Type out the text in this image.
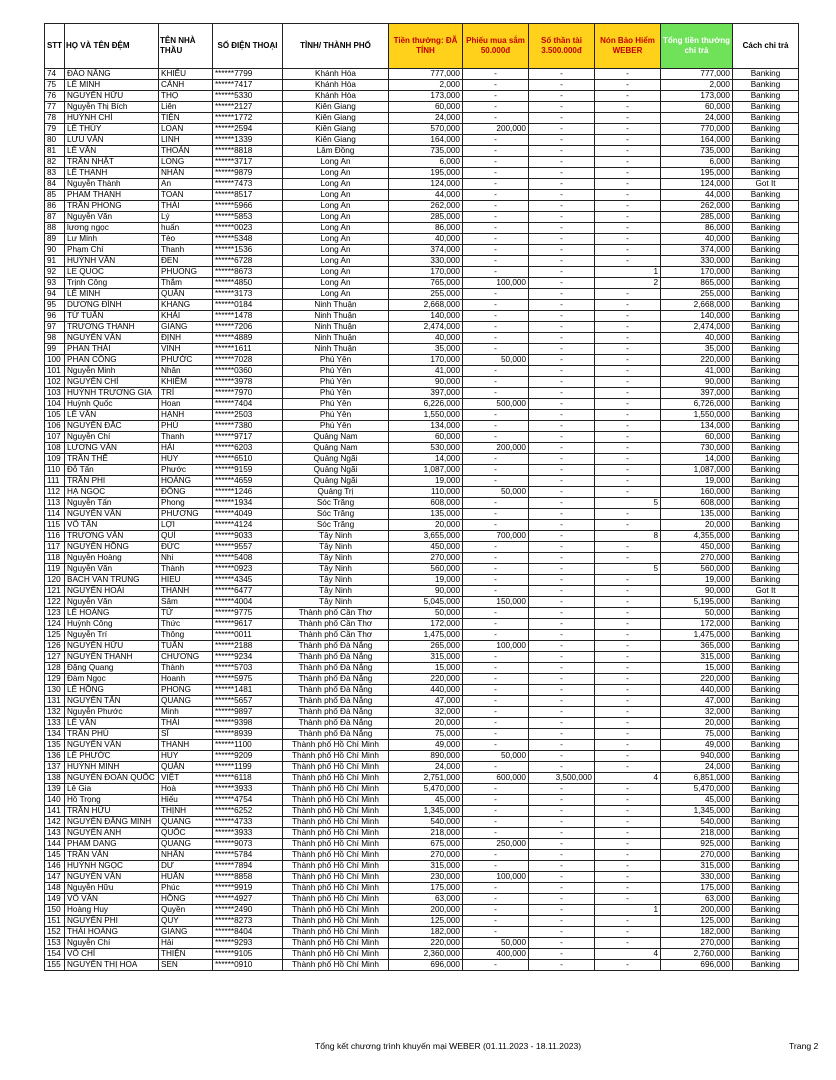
STT	HỌ VÀ TÊN ĐỆM	TÊN NHÀ THẦU	SỐ ĐIỆN THOẠI	TỈNH/ THÀNH PHỐ	Tiền thưởng: ĐÃ TÍNH	Phiếu mua sắm 50.000đ	Số thần tài 3.500.000đ	Nón Bảo Hiểm WEBER	Tổng tiền thưởng chi trả	Cách chi trả
74	ĐÀO NĂNG	KHIẾU	******7799	Khánh Hòa	777,000	-	-	-	777,000	Banking
75	LÊ MINH	CẢNH	******7417	Khánh Hòa	2,000	-	-	-	2,000	Banking
76	NGUYỄN HỮU	THỌ	******5330	Khánh Hòa	173,000	-	-	-	173,000	Banking
77	Nguyễn Thị Bích	Liên	******2127	Kiên Giang	60,000	-	-	-	60,000	Banking
78	HUỲNH CHÍ	TIỆN	******1772	Kiên Giang	24,000	-	-	-	24,000	Banking
79	LÊ THÚY	LOAN	******2594	Kiên Giang	570,000	200,000	-	-	770,000	Banking
80	LƯU VĂN	LINH	******1339	Kiên Giang	164,000	-	-	-	164,000	Banking
81	LÊ VĂN	THOẢN	******8818	Lâm Đồng	735,000	-	-	-	735,000	Banking
82	TRẦN NHẬT	LONG	******3717	Long An	6,000	-	-	-	6,000	Banking
83	LÊ THANH	NHÀN	******9879	Long An	195,000	-	-	-	195,000	Banking
84	Nguyễn Thành	An	******7473	Long An	124,000	-	-	-	124,000	Got It
85	PHAM THANH	TOAN	******8517	Long An	44,000	-	-	-	44,000	Banking
86	TRẦN PHONG	THÁI	******5966	Long An	262,000	-	-	-	262,000	Banking
87	Nguyễn Văn	Lý	******5853	Long An	285,000	-	-	-	285,000	Banking
88	lương ngọc	huấn	******0023	Long An	86,000	-	-	-	86,000	Banking
89	Lư Minh	Tèo	******5348	Long An	40,000	-	-	-	40,000	Banking
90	Phạm Chí	Thanh	******1536	Long An	374,000	-	-	-	374,000	Banking
91	HUỲNH VĂN	ĐEN	******6728	Long An	330,000	-	-	-	330,000	Banking
92	LE QUOC	PHUONG	******8673	Long An	170,000	-	-	1	170,000	Banking
93	Trịnh Công	Thắm	******4850	Long An	765,000	100,000	-	2	865,000	Banking
94	LÊ MINH	QUÂN	******3173	Long An	255,000	-	-	-	255,000	Banking
95	DƯƠNG ĐÌNH	KHANG	******0184	Ninh Thuận	2,668,000	-	-	-	2,668,000	Banking
96	TỪ TUẤN	KHẢI	******1478	Ninh Thuận	140,000	-	-	-	140,000	Banking
97	TRƯƠNG THANH	GIANG	******7206	Ninh Thuận	2,474,000	-	-	-	2,474,000	Banking
98	NGUYỄN VĂN	ĐỊNH	******4889	Ninh Thuận	40,000	-	-	-	40,000	Banking
99	PHAN THÁI	VINH	******1611	Ninh Thuận	35,000	-	-	-	35,000	Banking
100	PHAN CÔNG	PHƯỚC	******7028	Phú Yên	170,000	50,000	-	-	220,000	Banking
101	Nguyễn Minh	Nhân	******0360	Phú Yên	41,000	-	-	-	41,000	Banking
102	NGUYỄN CHÍ	KHIÊM	******3978	Phú Yên	90,000	-	-	-	90,000	Banking
103	HUỲNH TRƯƠNG GIA	TRÍ	******7970	Phú Yên	397,000	-	-	-	397,000	Banking
104	Huỳnh Quốc	Hoan	******7404	Phú Yên	6,226,000	500,000	-	-	6,726,000	Banking
105	LÊ VĂN	HẠNH	******2503	Phú Yên	1,550,000	-	-	-	1,550,000	Banking
106	NGUYỄN ĐẮC	PHÚ	******7380	Phú Yên	134,000	-	-	-	134,000	Banking
107	Nguyễn Chí	Thanh	******9717	Quảng Nam	60,000	-	-	-	60,000	Banking
108	LƯƠNG VĂN	HẢI	******6203	Quảng Nam	530,000	200,000	-	-	730,000	Banking
109	TRẦN THẾ	HUY	******6510	Quảng Ngãi	14,000	-	-	-	14,000	Banking
110	Đỗ Tấn	Phước	******9159	Quảng Ngãi	1,087,000	-	-	-	1,087,000	Banking
111	TRẦN PHI	HOÀNG	******4659	Quảng Ngãi	19,000	-	-	-	19,000	Banking
112	HẠ NGỌC	ĐÔNG	******1246	Quảng Trị	110,000	50,000	-	-	160,000	Banking
113	Nguyễn Tấn	Phong	******1934	Sóc Trăng	608,000	-	-	5	608,000	Banking
114	NGUYỄN VĂN	PHƯƠNG	******4049	Sóc Trăng	135,000	-	-	-	135,000	Banking
115	VÕ TẤN	LỢI	******4124	Sóc Trăng	20,000	-	-	-	20,000	Banking
116	TRƯƠNG VĂN	QUÍ	******9033	Tây Ninh	3,655,000	700,000	-	8	4,355,000	Banking
117	NGUYỄN HỒNG	ĐỨC	******9557	Tây Ninh	450,000	-	-	-	450,000	Banking
118	Nguyễn Hoàng	Nhi	******5408	Tây Ninh	270,000	-	-	-	270,000	Banking
119	Nguyễn Văn	Thành	******0923	Tây Ninh	560,000	-	-	5	560,000	Banking
120	BACH VAN TRUNG	HIEU	******4345	Tây Ninh	19,000	-	-	-	19,000	Banking
121	NGUYỄN HOÀI	THANH	******6477	Tây Ninh	90,000	-	-	-	90,000	Got It
122	Nguyễn Văn	Sâm	******4004	Tây Ninh	5,045,000	150,000	-	-	5,195,000	Banking
123	LÊ HOÀNG	TỬ	******9775	Thành phố Cần Thơ	50,000	-	-	-	50,000	Banking
124	Huỳnh Công	Thức	******9617	Thành phố Cần Thơ	172,000	-	-	-	172,000	Banking
125	Nguyễn Trí	Thông	******0011	Thành phố Cần Thơ	1,475,000	-	-	-	1,475,000	Banking
126	NGUYỄN HỮU	TUẤN	******2188	Thành phố Đà Nẵng	265,000	100,000	-	-	365,000	Banking
127	NGUYỄN THANH	CHƯƠNG	******9234	Thành phố Đà Nẵng	315,000	-	-	-	315,000	Banking
128	Đặng Quang	Thành	******5703	Thành phố Đà Nẵng	15,000	-	-	-	15,000	Banking
129	Đàm Ngọc	Hoanh	******5975	Thành phố Đà Nẵng	220,000	-	-	-	220,000	Banking
130	LÊ HỒNG	PHONG	******1481	Thành phố Đà Nẵng	440,000	-	-	-	440,000	Banking
131	NGUYỄN TẤN	QUANG	******5657	Thành phố Đà Nẵng	47,000	-	-	-	47,000	Banking
132	Nguyễn Phước	Minh	******9897	Thành phố Đà Nẵng	32,000	-	-	-	32,000	Banking
133	LÊ VĂN	THÁI	******9398	Thành phố Đà Nẵng	20,000	-	-	-	20,000	Banking
134	TRẦN PHÚ	SĨ	******8939	Thành phố Đà Nẵng	75,000	-	-	-	75,000	Banking
135	NGUYỄN VĂN	THANH	******1100	Thành phố Hồ Chí Minh	49,000	-	-	-	49,000	Banking
136	LÊ PHƯỚC	HUY	******9209	Thành phố Hồ Chí Minh	890,000	50,000	-	-	940,000	Banking
137	HUỲNH MINH	QUÂN	******1199	Thành phố Hồ Chí Minh	24,000	-	-	-	24,000	Banking
138	NGUYỄN ĐOÀN QUỐC	VIỆT	******6118	Thành phố Hồ Chí Minh	2,751,000	600,000	3,500,000	4	6,851,000	Banking
139	Lê Gia	Hoà	******3933	Thành phố Hồ Chí Minh	5,470,000	-	-	-	5,470,000	Banking
140	Hồ Trọng	Hiếu	******4754	Thành phố Hồ Chí Minh	45,000	-	-	-	45,000	Banking
141	TRẦN HỮU	THỊNH	******6252	Thành phố Hồ Chí Minh	1,345,000	-	-	-	1,345,000	Banking
142	NGUYỄN ĐĂNG MINH	QUANG	******4733	Thành phố Hồ Chí Minh	540,000	-	-	-	540,000	Banking
143	NGUYỄN ANH	QUỐC	******3933	Thành phố Hồ Chí Minh	218,000	-	-	-	218,000	Banking
144	PHAM DANG	QUANG	******9073	Thành phố Hồ Chí Minh	675,000	250,000	-	-	925,000	Banking
145	TRẦN VĂN	NHÂN	******5784	Thành phố Hồ Chí Minh	270,000	-	-	-	270,000	Banking
146	HUỲNH NGỌC	DƯ	******7894	Thành phố Hồ Chí Minh	315,000	-	-	-	315,000	Banking
147	NGUYỄN VĂN	HUẤN	******8858	Thành phố Hồ Chí Minh	230,000	100,000	-	-	330,000	Banking
148	Nguyễn Hữu	Phúc	******9919	Thành phố Hồ Chí Minh	175,000	-	-	-	175,000	Banking
149	VÕ VĂN	HỒNG	******4927	Thành phố Hồ Chí Minh	63,000	-	-	-	63,000	Banking
150	Hoàng Huy	Quyền	******2490	Thành phố Hồ Chí Minh	200,000	-	-	1	200,000	Banking
151	NGUYỄN PHI	QUY	******8273	Thành phố Hồ Chí Minh	125,000	-	-	-	125,000	Banking
152	THÁI HOÀNG	GIANG	******8404	Thành phố Hồ Chí Minh	182,000	-	-	-	182,000	Banking
153	Nguyễn Chí	Hải	******9293	Thành phố Hồ Chí Minh	220,000	50,000	-	-	270,000	Banking
154	VÕ CHÍ	THIỆN	******9105	Thành phố Hồ Chí Minh	2,360,000	400,000	-	4	2,760,000	Banking
155	NGUYỄN THỊ HOA	SEN	******0910	Thành phố Hồ Chí Minh	696,000	-	-	-	696,000	Banking
Tổng kết chương trình khuyến mại WEBER (01.11.2023 - 18.11.2023)	Trang 2
